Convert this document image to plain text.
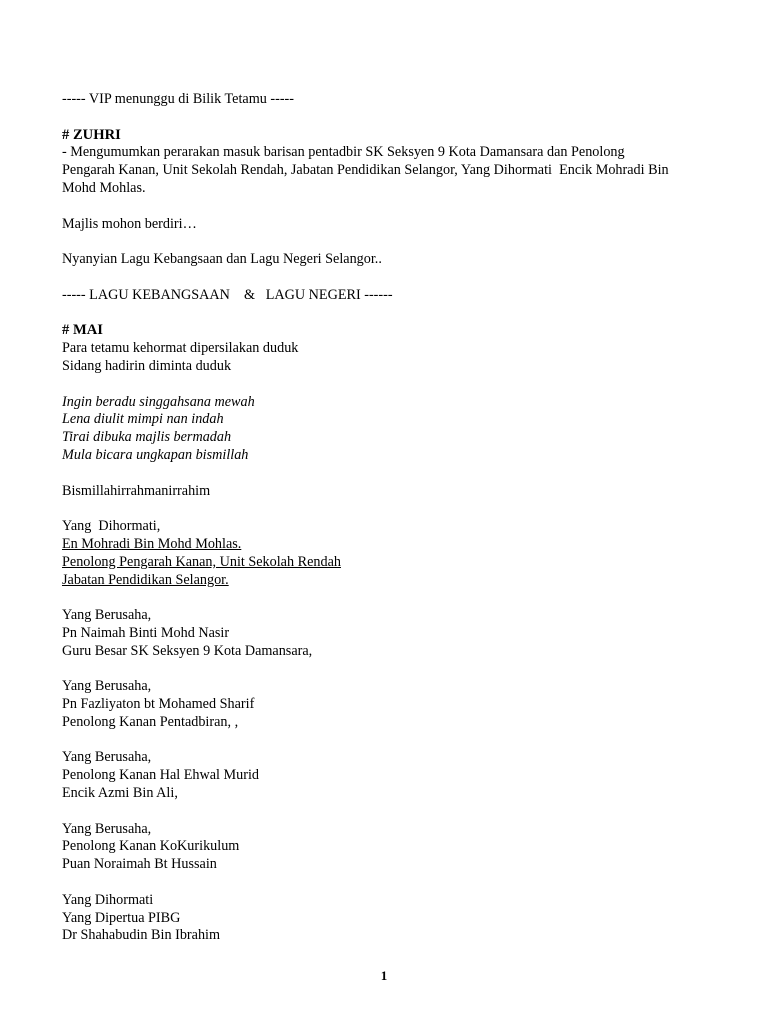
----- VIP menunggu di Bilik Tetamu -----
# ZUHRI
- Mengumumkan perarakan masuk barisan pentadbir SK Seksyen 9 Kota Damansara dan Penolong
Pengarah Kanan, Unit Sekolah Rendah, Jabatan Pendidikan Selangor, Yang Dihormati  Encik Mohradi Bin
Mohd Mohlas.
Majlis mohon berdiri…
Nyanyian Lagu Kebangsaan dan Lagu Negeri Selangor..
----- LAGU KEBANGSAAN    &   LAGU NEGERI ------
# MAI
Para tetamu kehormat dipersilakan duduk
Sidang hadirin diminta duduk
Ingin beradu singgahsana mewah
Lena diulit mimpi nan indah
Tirai dibuka majlis bermadah
Mula bicara ungkapan bismillah
Bismillahirrahmanirrahim
Yang  Dihormati,
En Mohradi Bin Mohd Mohlas.
Penolong Pengarah Kanan, Unit Sekolah Rendah
Jabatan Pendidikan Selangor.
Yang Berusaha,
Pn Naimah Binti Mohd Nasir
Guru Besar SK Seksyen 9 Kota Damansara,
Yang Berusaha,
Pn Fazliyaton bt Mohamed Sharif
Penolong Kanan Pentadbiran, ,
Yang Berusaha,
Penolong Kanan Hal Ehwal Murid
Encik Azmi Bin Ali,
Yang Berusaha,
Penolong Kanan KoKurikulum
Puan Noraimah Bt Hussain
Yang Dihormati
Yang Dipertua PIBG
Dr Shahabudin Bin Ibrahim
1
